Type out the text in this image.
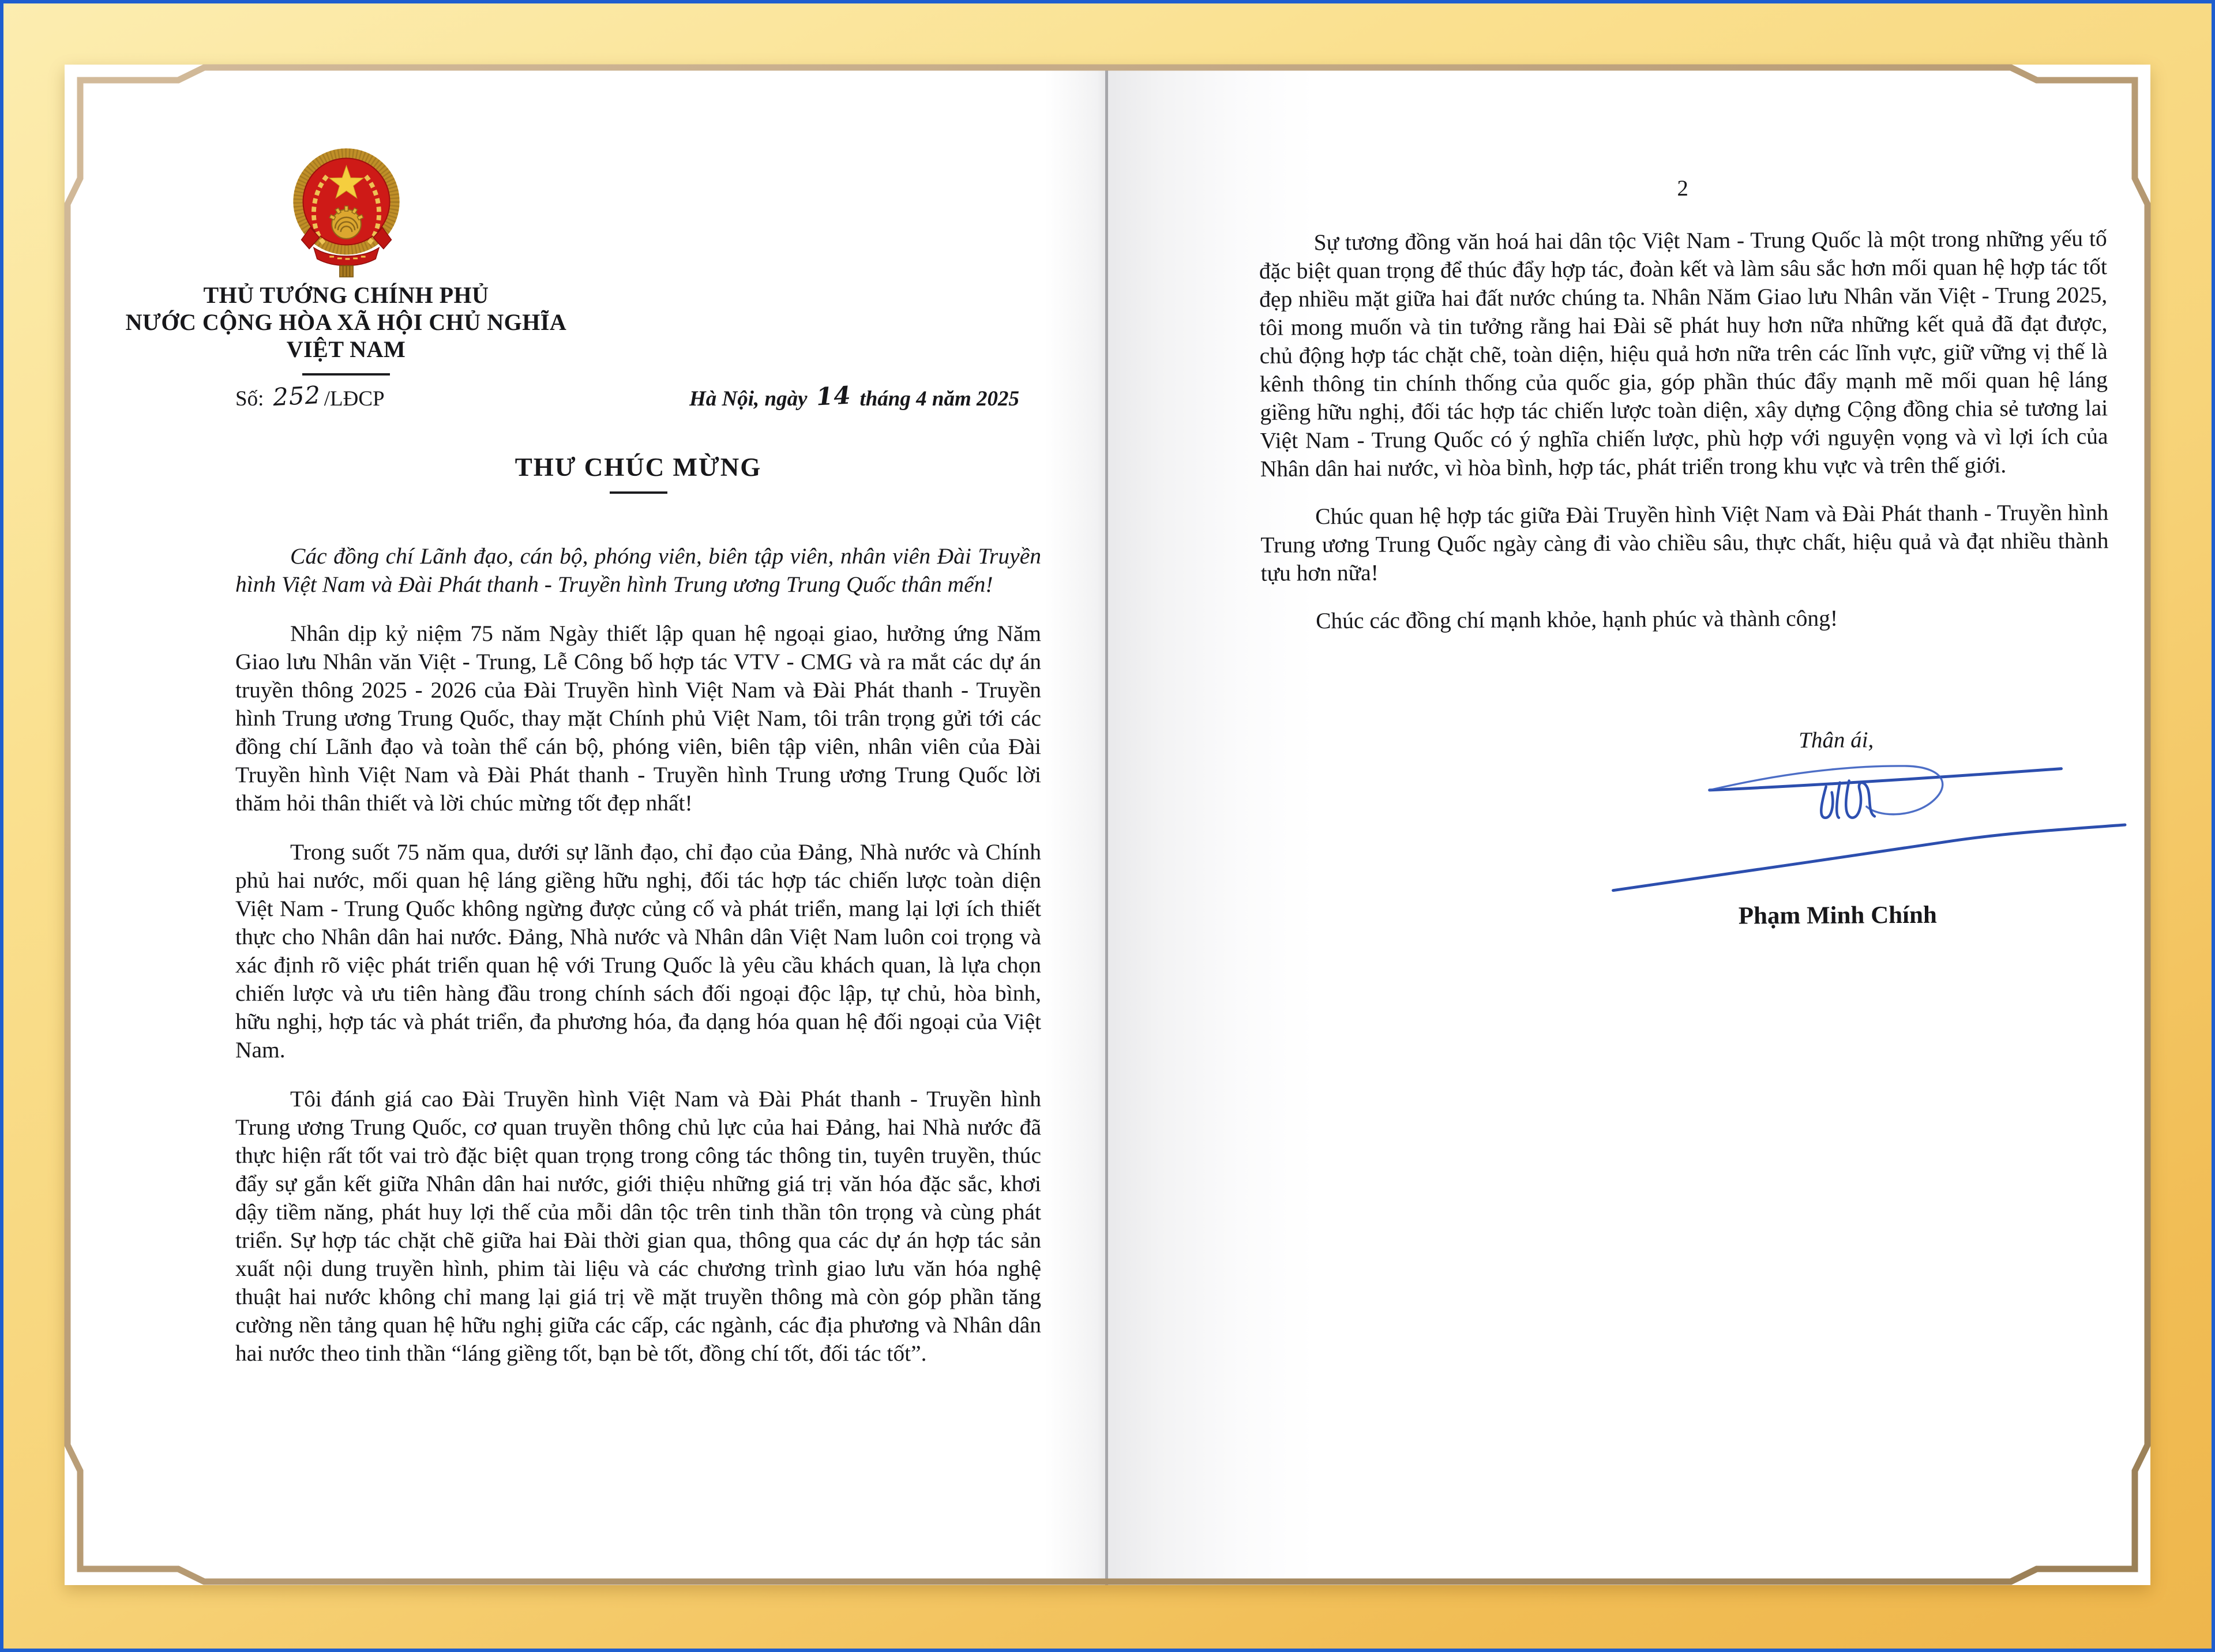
THỦ TƯỚNG CHÍNH PHỦ
NƯỚC CỘNG HÒA XÃ HỘI CHỦ NGHĨA
VIỆT NAM
Số: 252 /LĐCP	Hà Nội, ngày 14 tháng 4 năm 2025
THƯ CHÚC MỪNG

Các đồng chí Lãnh đạo, cán bộ, phóng viên, biên tập viên, nhân viên Đài Truyền hình Việt Nam và Đài Phát thanh - Truyền hình Trung ương Trung Quốc thân mến!

Nhân dịp kỷ niệm 75 năm Ngày thiết lập quan hệ ngoại giao, hưởng ứng Năm Giao lưu Nhân văn Việt - Trung, Lễ Công bố hợp tác VTV - CMG và ra mắt các dự án truyền thông 2025 - 2026 của Đài Truyền hình Việt Nam và Đài Phát thanh - Truyền hình Trung ương Trung Quốc, thay mặt Chính phủ Việt Nam, tôi trân trọng gửi tới các đồng chí Lãnh đạo và toàn thể cán bộ, phóng viên, biên tập viên, nhân viên của Đài Truyền hình Việt Nam và Đài Phát thanh - Truyền hình Trung ương Trung Quốc lời thăm hỏi thân thiết và lời chúc mừng tốt đẹp nhất!

Trong suốt 75 năm qua, dưới sự lãnh đạo, chỉ đạo của Đảng, Nhà nước và Chính phủ hai nước, mối quan hệ láng giềng hữu nghị, đối tác hợp tác chiến lược toàn diện Việt Nam - Trung Quốc không ngừng được củng cố và phát triển, mang lại lợi ích thiết thực cho Nhân dân hai nước. Đảng, Nhà nước và Nhân dân Việt Nam luôn coi trọng và xác định rõ việc phát triển quan hệ với Trung Quốc là yêu cầu khách quan, là lựa chọn chiến lược và ưu tiên hàng đầu trong chính sách đối ngoại độc lập, tự chủ, hòa bình, hữu nghị, hợp tác và phát triển, đa phương hóa, đa dạng hóa quan hệ đối ngoại của Việt Nam.

Tôi đánh giá cao Đài Truyền hình Việt Nam và Đài Phát thanh - Truyền hình Trung ương Trung Quốc, cơ quan truyền thông chủ lực của hai Đảng, hai Nhà nước đã thực hiện rất tốt vai trò đặc biệt quan trọng trong công tác thông tin, tuyên truyền, thúc đẩy sự gắn kết giữa Nhân dân hai nước, giới thiệu những giá trị văn hóa đặc sắc, khơi dậy tiềm năng, phát huy lợi thế của mỗi dân tộc trên tinh thần tôn trọng và cùng phát triển. Sự hợp tác chặt chẽ giữa hai Đài thời gian qua, thông qua các dự án hợp tác sản xuất nội dung truyền hình, phim tài liệu và các chương trình giao lưu văn hóa nghệ thuật hai nước không chỉ mang lại giá trị về mặt truyền thông mà còn góp phần tăng cường nền tảng quan hệ hữu nghị giữa các cấp, các ngành, các địa phương và Nhân dân hai nước theo tinh thần “láng giềng tốt, bạn bè tốt, đồng chí tốt, đối tác tốt”.

2

Sự tương đồng văn hoá hai dân tộc Việt Nam - Trung Quốc là một trong những yếu tố đặc biệt quan trọng để thúc đẩy hợp tác, đoàn kết và làm sâu sắc hơn mối quan hệ hợp tác tốt đẹp nhiều mặt giữa hai đất nước chúng ta. Nhân Năm Giao lưu Nhân văn Việt - Trung 2025, tôi mong muốn và tin tưởng rằng hai Đài sẽ phát huy hơn nữa những kết quả đã đạt được, chủ động hợp tác chặt chẽ, toàn diện, hiệu quả hơn nữa trên các lĩnh vực, giữ vững vị thế là kênh thông tin chính thống của quốc gia, góp phần thúc đẩy mạnh mẽ mối quan hệ láng giềng hữu nghị, đối tác hợp tác chiến lược toàn diện, xây dựng Cộng đồng chia sẻ tương lai Việt Nam - Trung Quốc có ý nghĩa chiến lược, phù hợp với nguyện vọng và vì lợi ích của Nhân dân hai nước, vì hòa bình, hợp tác, phát triển trong khu vực và trên thế giới.

Chúc quan hệ hợp tác giữa Đài Truyền hình Việt Nam và Đài Phát thanh - Truyền hình Trung ương Trung Quốc ngày càng đi vào chiều sâu, thực chất, hiệu quả và đạt nhiều thành tựu hơn nữa!

Chúc các đồng chí mạnh khỏe, hạnh phúc và thành công!

Thân ái,
Phạm Minh Chính
